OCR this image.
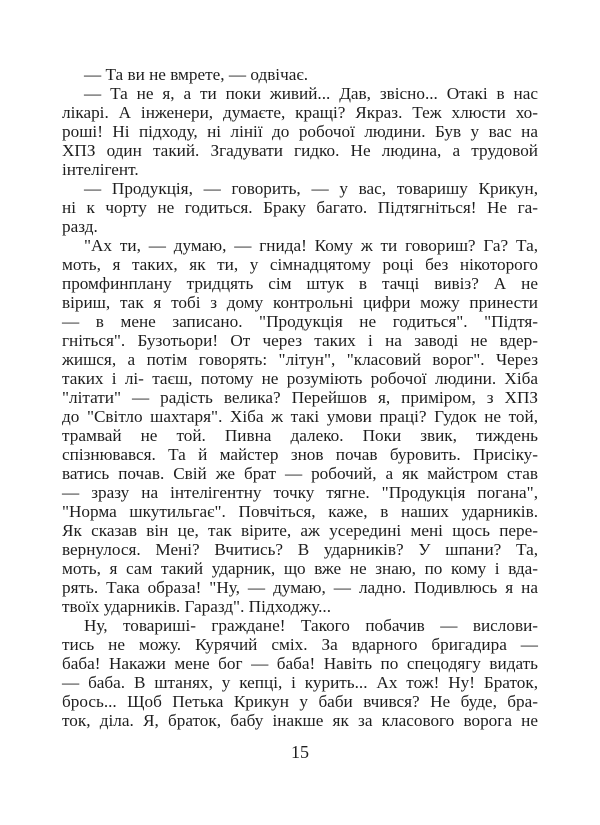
— Та ви не вмрете, — одвічає.
— Та не я, а ти поки живий... Дав, звісно... Отакі в нас
лікарі. А інженери, думаєте, кращі? Якраз. Теж хлюсти хо-
роші! Ні підходу, ні лінії до робочої людини. Був у вас на
ХПЗ один такий. Згадувати гидко. Не людина, а трудовой
інтелігент.
— Продукція, — говорить, — у вас, товаришу Крикун,
ні к чорту не годиться. Браку багато. Підтягніться! Не га-
разд.
"Ах ти, — думаю, — гнида! Кому ж ти говориш? Га? Та,
моть, я таких, як ти, у сімнадцятому році без нікоторого
промфинплану тридцять сім штук в тачці вивіз? А не
віриш, так я тобі з дому контрольні цифри можу принести
— в мене записано. "Продукція не годиться". "Підтя-
гніться". Бузотьори! От через таких і на заводі не вдер-
жишся, а потім говорять: "літун", "класовий ворог". Через
таких і лі- таєш, потому не розуміють робочої людини. Хіба
"літати" — радість велика? Перейшов я, приміром, з ХПЗ
до "Світло шахтаря". Хіба ж такі умови праці? Гудок не той,
трамвай не той. Пивна далеко. Поки звик, тиждень
спізнювався. Та й майстер знов почав буровить. Присіку-
ватись почав. Свій же брат — робочий, а як майстром став
— зразу на інтелігентну точку тягне. "Продукція погана",
"Норма шкутильгає". Повчіться, каже, в наших ударників.
Як сказав він це, так вірите, аж усередині мені щось пере-
вернулося. Мені? Вчитись? В ударників? У шпани? Та,
моть, я сам такий ударник, що вже не знаю, по кому і вда-
рять. Така образа! "Ну, — думаю, — ладно. Подивлюсь я на
твоїх ударників. Гаразд". Підходжу...
Ну, товариші- граждане! Такого побачив — вислови-
тись не можу. Курячий сміх. За вдарного бригадира —
баба! Накажи мене бог — баба! Навіть по спецодягу видать
— баба. В штанях, у кепці, і курить... Ах тож! Ну! Браток,
брось... Щоб Петька Крикун у баби вчився? Не буде, бра-
ток, діла. Я, браток, бабу інакше як за класового ворога не
15
